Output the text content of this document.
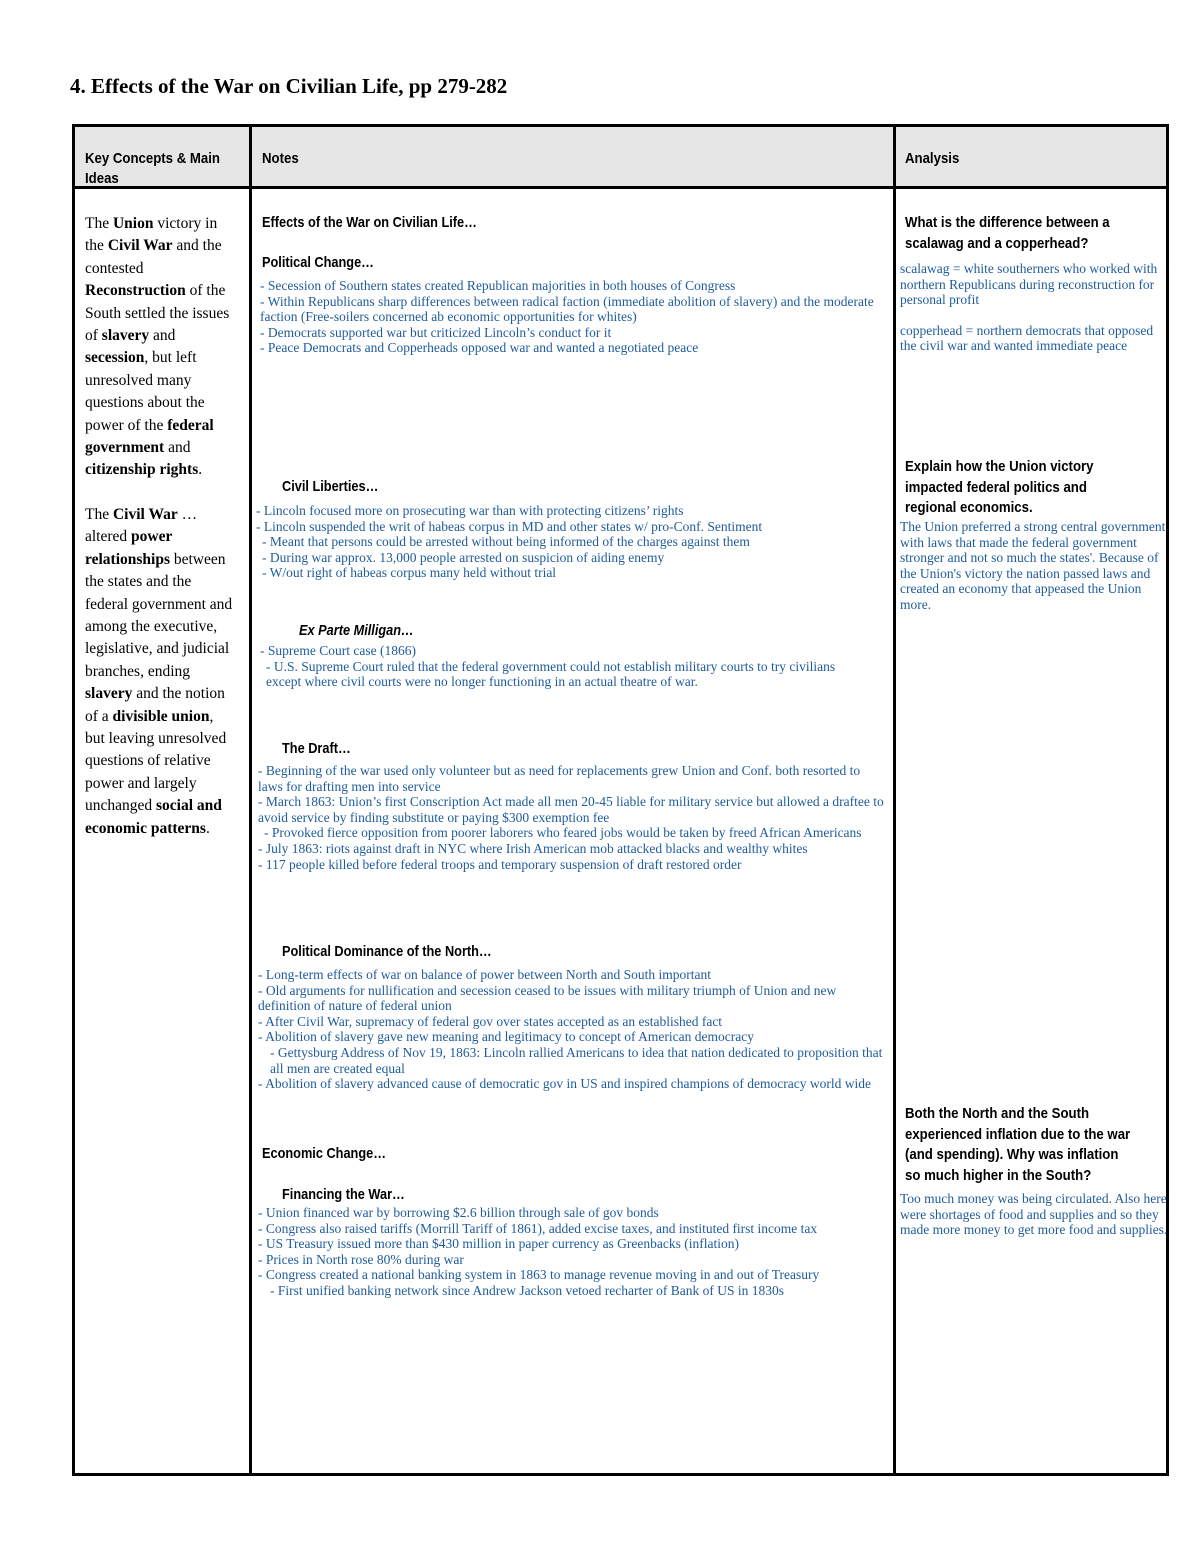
4. Effects of the War on Civilian Life, pp 279-282
Key Concepts & Main Ideas
Notes	Analysis

The Union victory in the Civil War and the contested Reconstruction of the South settled the issues of slavery and secession, but left unresolved many questions about the power of the federal government and citizenship rights.

The Civil War … altered power relationships between the states and the federal government and among the executive, legislative, and judicial branches, ending slavery and the notion of a divisible union, but leaving unresolved questions of relative power and largely unchanged social and economic patterns.

Effects of the War on Civilian Life…
Political Change…
- Secession of Southern states created Republican majorities in both houses of Congress
- Within Republicans sharp differences between radical faction (immediate abolition of slavery) and the moderate faction (Free-soilers concerned ab economic opportunities for whites)
- Democrats supported war but criticized Lincoln’s conduct for it
- Peace Democrats and Copperheads opposed war and wanted a negotiated peace
Civil Liberties…
- Lincoln focused more on prosecuting war than with protecting citizens’ rights
- Lincoln suspended the writ of habeas corpus in MD and other states w/ pro-Conf. Sentiment
- Meant that persons could be arrested without being informed of the charges against them
- During war approx. 13,000 people arrested on suspicion of aiding enemy
- W/out right of habeas corpus many held without trial
Ex Parte Milligan…
- Supreme Court case (1866)
- U.S. Supreme Court ruled that the federal government could not establish military courts to try civilians except where civil courts were no longer functioning in an actual theatre of war.
The Draft…
- Beginning of the war used only volunteer but as need for replacements grew Union and Conf. both resorted to laws for drafting men into service
- March 1863: Union’s first Conscription Act made all men 20-45 liable for military service but allowed a draftee to avoid service by finding substitute or paying $300 exemption fee
- Provoked fierce opposition from poorer laborers who feared jobs would be taken by freed African Americans
- July 1863: riots against draft in NYC where Irish American mob attacked blacks and wealthy whites
- 117 people killed before federal troops and temporary suspension of draft restored order
Political Dominance of the North…
- Long-term effects of war on balance of power between North and South important
- Old arguments for nullification and secession ceased to be issues with military triumph of Union and new definition of nature of federal union
- After Civil War, supremacy of federal gov over states accepted as an established fact
- Abolition of slavery gave new meaning and legitimacy to concept of American democracy
- Gettysburg Address of Nov 19, 1863: Lincoln rallied Americans to idea that nation dedicated to proposition that all men are created equal
- Abolition of slavery advanced cause of democratic gov in US and inspired champions of democracy world wide
Economic Change…
Financing the War…
- Union financed war by borrowing $2.6 billion through sale of gov bonds
- Congress also raised tariffs (Morrill Tariff of 1861), added excise taxes, and instituted first income tax
- US Treasury issued more than $430 million in paper currency as Greenbacks (inflation)
- Prices in North rose 80% during war
- Congress created a national banking system in 1863 to manage revenue moving in and out of Treasury
- First unified banking network since Andrew Jackson vetoed recharter of Bank of US in 1830s
What is the difference between a scalawag and a copperhead?

scalawag = white southerners who worked with northern Republicans during reconstruction for personal profit

copperhead = northern democrats that opposed the civil war and wanted immediate peace

Explain how the Union victory impacted federal politics and regional economics.
The Union preferred a strong central government with laws that made the federal government stronger and not so much the states'. Because of the Union's victory the nation passed laws and created an economy that appeased the Union more.
Both the North and the South experienced inflation due to the war (and spending). Why was inflation so much higher in the South?
Too much money was being circulated. Also here were shortages of food and supplies and so they made more money to get more food and supplies.
